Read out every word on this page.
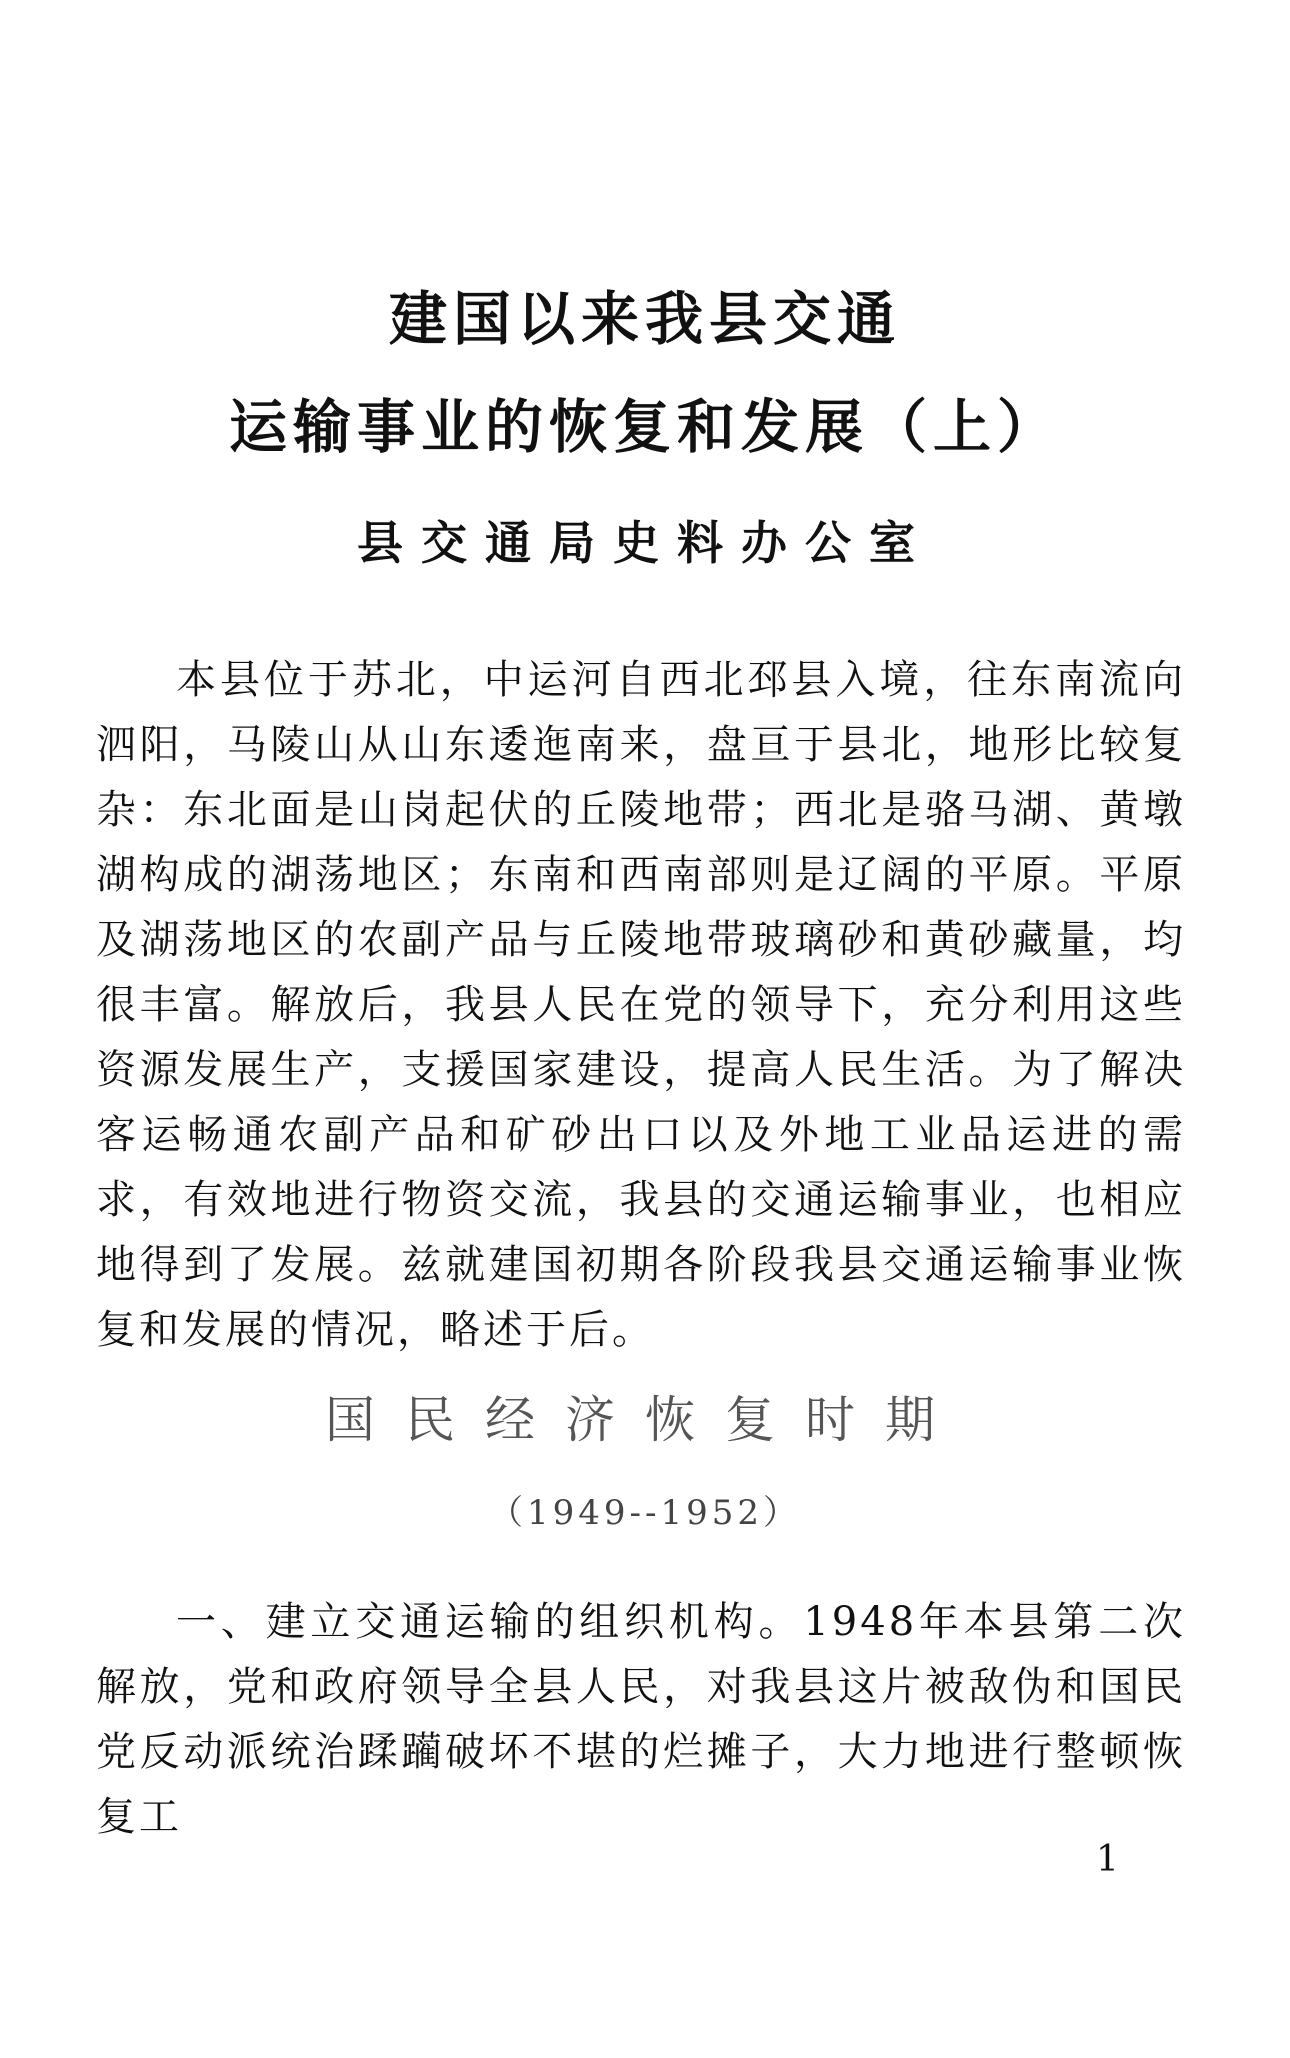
建国以来我县交通
运输事业的恢复和发展（上）
县交通局史料办公室

本县位于苏北，中运河自西北邳县入境，往东南流向泗阳，马陵山从山东逶迤南来，盘亘于县北，地形比较复杂：东北面是山岗起伏的丘陵地带；西北是骆马湖、黄墩湖构成的湖荡地区；东南和西南部则是辽阔的平原。平原及湖荡地区的农副产品与丘陵地带玻璃砂和黄砂藏量，均很丰富。解放后，我县人民在党的领导下，充分利用这些资源发展生产，支援国家建设，提高人民生活。为了解决客运畅通农副产品和矿砂出口以及外地工业品运进的需求，有效地进行物资交流，我县的交通运输事业，也相应地得到了发展。兹就建国初期各阶段我县交通运输事业恢复和发展的情况，略述于后。

国民经济恢复时期
（1949--1952）

一、建立交通运输的组织机构。1948年本县第二次解放，党和政府领导全县人民，对我县这片被敌伪和国民党反动派统治蹂躏破坏不堪的烂摊子，大力地进行整顿恢复工

1
